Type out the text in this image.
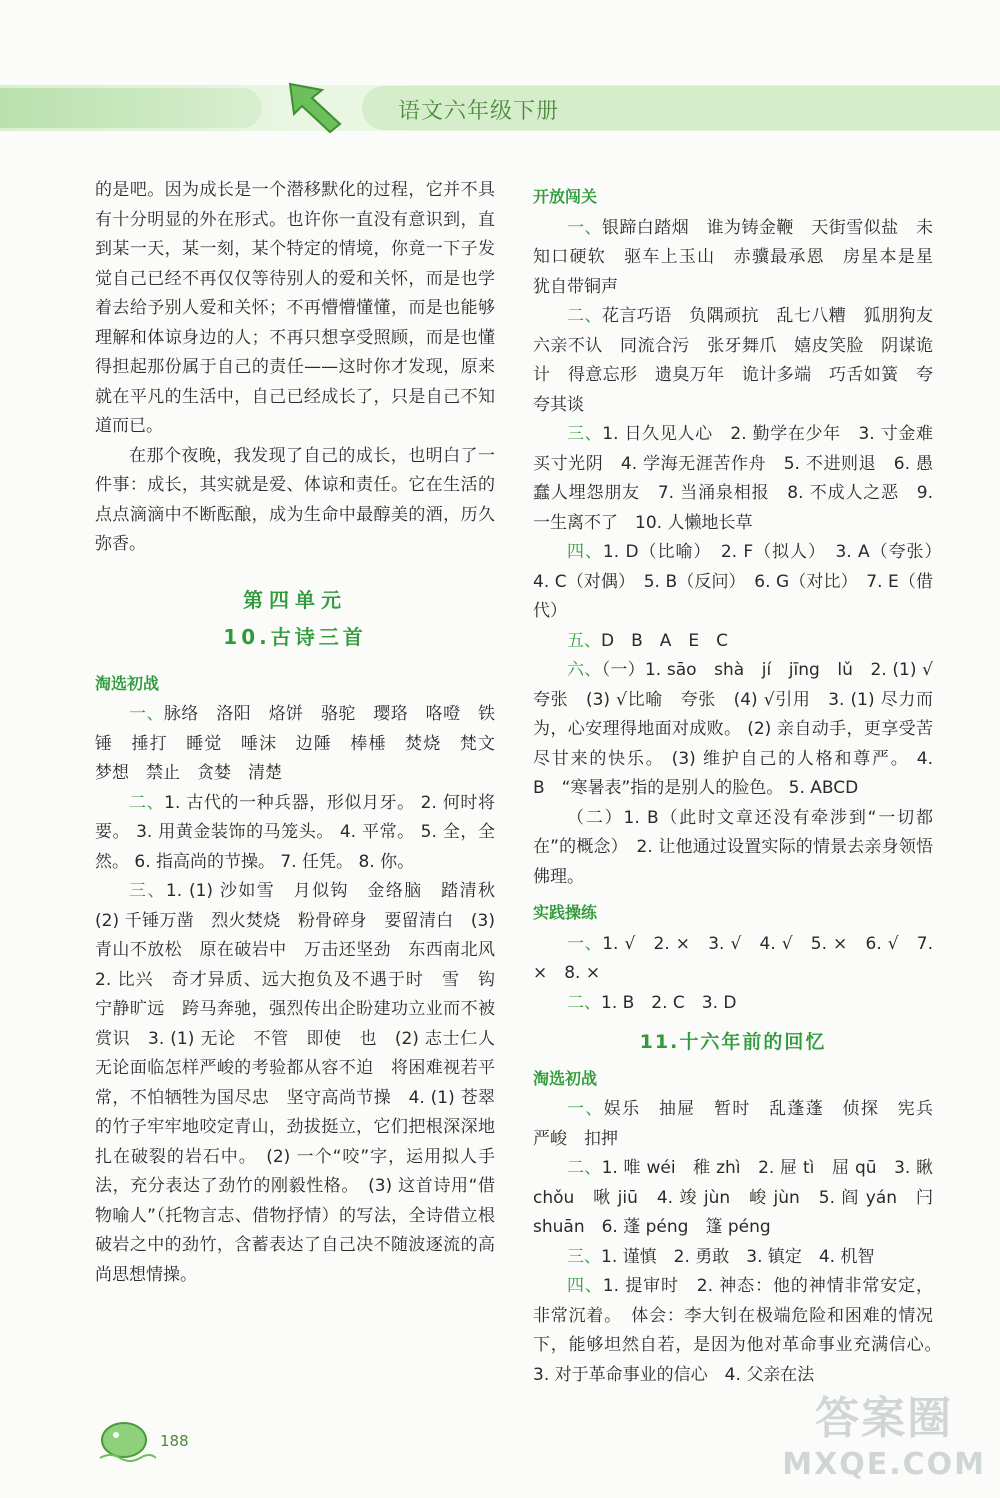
语文六年级下册

的是吧。因为成长是一个潜移默化的过程，它并不具有十分明显的外在形式。也许你一直没有意识到，直到某一天，某一刻，某个特定的情境，你竟一下子发觉自己已经不再仅仅等待别人的爱和关怀，而是也学着去给予别人爱和关怀；不再懵懵懂懂，而是也能够理解和体谅身边的人；不再只想享受照顾，而是也懂得担起那份属于自己的责任——这时你才发现，原来就在平凡的生活中，自己已经成长了，只是自己不知道而已。

在那个夜晚，我发现了自己的成长，也明白了一件事：成长，其实就是爱、体谅和责任。它在生活的点点滴滴中不断酝酿，成为生命中最醇美的酒，历久弥香。

第四单元
10.古诗三首
淘选初战

一、脉络　洛阳　烙饼　骆驼　璎珞　咯噔　铁锤　捶打　睡觉　唾沫　边陲　棒棰　焚烧　梵文　梦想　禁止　贪婪　清楚

二、1. 古代的一种兵器，形似月牙。 2. 何时将要。 3. 用黄金装饰的马笼头。 4. 平常。 5. 全，全然。 6. 指高尚的节操。 7. 任凭。 8. 你。

三、1. (1) 沙如雪　月似钩　金络脑　踏清秋　(2) 千锤万凿　烈火焚烧　粉骨碎身　要留清白　(3) 青山不放松　原在破岩中　万击还坚劲　东西南北风　2. 比兴　奇才异质、远大抱负及不遇于时　雪　钩　宁静旷远　跨马奔驰，强烈传出企盼建功立业而不被赏识　3. (1) 无论　不管　即使　也　(2) 志士仁人无论面临怎样严峻的考验都从容不迫　将困难视若平常，不怕牺牲为国尽忠　坚守高尚节操　4. (1) 苍翠的竹子牢牢地咬定青山，劲拔挺立，它们把根深深地扎在破裂的岩石中。　(2) 一个“咬”字，运用拟人手法，充分表达了劲竹的刚毅性格。　(3) 这首诗用“借物喻人”（托物言志、借物抒情）的写法，全诗借立根破岩之中的劲竹，含蓄表达了自己决不随波逐流的高尚思想情操。

开放闯关

一、银蹄白踏烟　谁为铸金鞭　天街雪似盐　未知口硬软　驱车上玉山　赤骥最承恩　房星本是星　犹自带铜声

二、花言巧语　负隅顽抗　乱七八糟　狐朋狗友　六亲不认　同流合污　张牙舞爪　嬉皮笑脸　阴谋诡计　得意忘形　遗臭万年　诡计多端　巧舌如簧　夸夸其谈

三、1. 日久见人心　2. 勤学在少年　3. 寸金难买寸光阴　4. 学海无涯苦作舟　5. 不进则退　6. 愚蠢人埋怨朋友　7. 当涌泉相报　8. 不成人之恶　9. 一生离不了　10. 人懒地长草

四、1. D（比喻）　2. F（拟人）　3. A（夸张）　4. C（对偶）　5. B（反问）　6. G（对比）　7. E（借代）

五、D　B　A　E　C

六、（一）1. sāo　shà　jí　jīng　lǔ　2. (1) √夸张　(3) √比喻　夸张　(4) √引用　3. (1) 尽力而为，心安理得地面对成败。 (2) 亲自动手，更享受苦尽甘来的快乐。 (3) 维护自己的人格和尊严。 4. B　“寒暑表”指的是别人的脸色。 5. ABCD

（二）1. B（此时文章还没有牵涉到“一切都在”的概念）　2. 让他通过设置实际的情景去亲身领悟佛理。

实践操练

一、1. √　2. ×　3. √　4. √　5. ×　6. √　7. ×　8. ×

二、1. B　2. C　3. D

11.十六年前的回忆
淘选初战

一、娱乐　抽屉　暂时　乱蓬蓬　侦探　宪兵　严峻　扣押

二、1. 唯 wéi　稚 zhì　2. 屉 tì　屈 qū　3. 瞅 chǒu　啾 jiū　4. 竣 jùn　峻 jùn　5. 阎 yán　闩 shuān　6. 蓬 péng　篷 péng

三、1. 谨慎　2. 勇敢　3. 镇定　4. 机智

四、1. 提审时　2. 神态：他的神情非常安定，非常沉着。　体会：李大钊在极端危险和困难的情况下，能够坦然自若，是因为他对革命事业充满信心。　3. 对于革命事业的信心　4. 父亲在法

188	答案圈
MXQE.COM
